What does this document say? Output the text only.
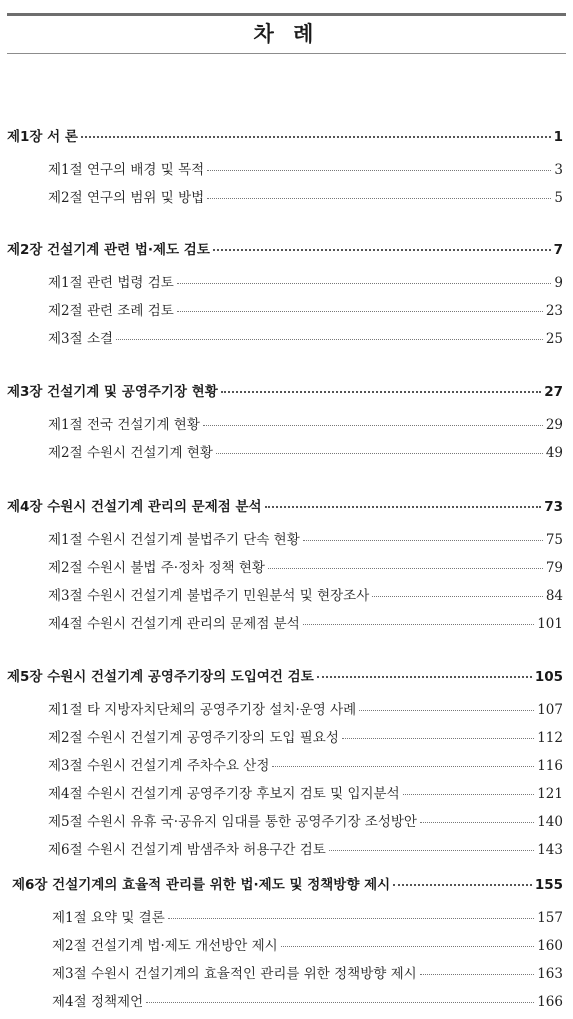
차 례
제1장 서 론	1
제1절 연구의 배경 및 목적	3
제2절 연구의 범위 및 방법	5
제2장 건설기계 관련 법·제도 검토	7
제1절 관련 법령 검토	9
제2절 관련 조례 검토	23
제3절 소결	25
제3장 건설기계 및 공영주기장 현황	27
제1절 전국 건설기계 현황	29
제2절 수원시 건설기계 현황	49
제4장 수원시 건설기계 관리의 문제점 분석	73
제1절 수원시 건설기계 불법주기 단속 현황	75
제2절 수원시 불법 주·정차 정책 현황	79
제3절 수원시 건설기계 불법주기 민원분석 및 현장조사	84
제4절 수원시 건설기계 관리의 문제점 분석	101
제5장 수원시 건설기계 공영주기장의 도입여건 검토	105
제1절 타 지방자치단체의 공영주기장 설치·운영 사례	107
제2절 수원시 건설기계 공영주기장의 도입 필요성	112
제3절 수원시 건설기계 주차수요 산정	116
제4절 수원시 건설기계 공영주기장 후보지 검토 및 입지분석	121
제5절 수원시 유휴 국·공유지 임대를 통한 공영주기장 조성방안	140
제6절 수원시 건설기계 밤샘주차 허용구간 검토	143
제6장 건설기계의 효율적 관리를 위한 법·제도 및 정책방향 제시	155
제1절 요약 및 결론	157
제2절 건설기계 법·제도 개선방안 제시	160
제3절 수원시 건설기계의 효율적인 관리를 위한 정책방향 제시	163
제4절 정책제언	166
